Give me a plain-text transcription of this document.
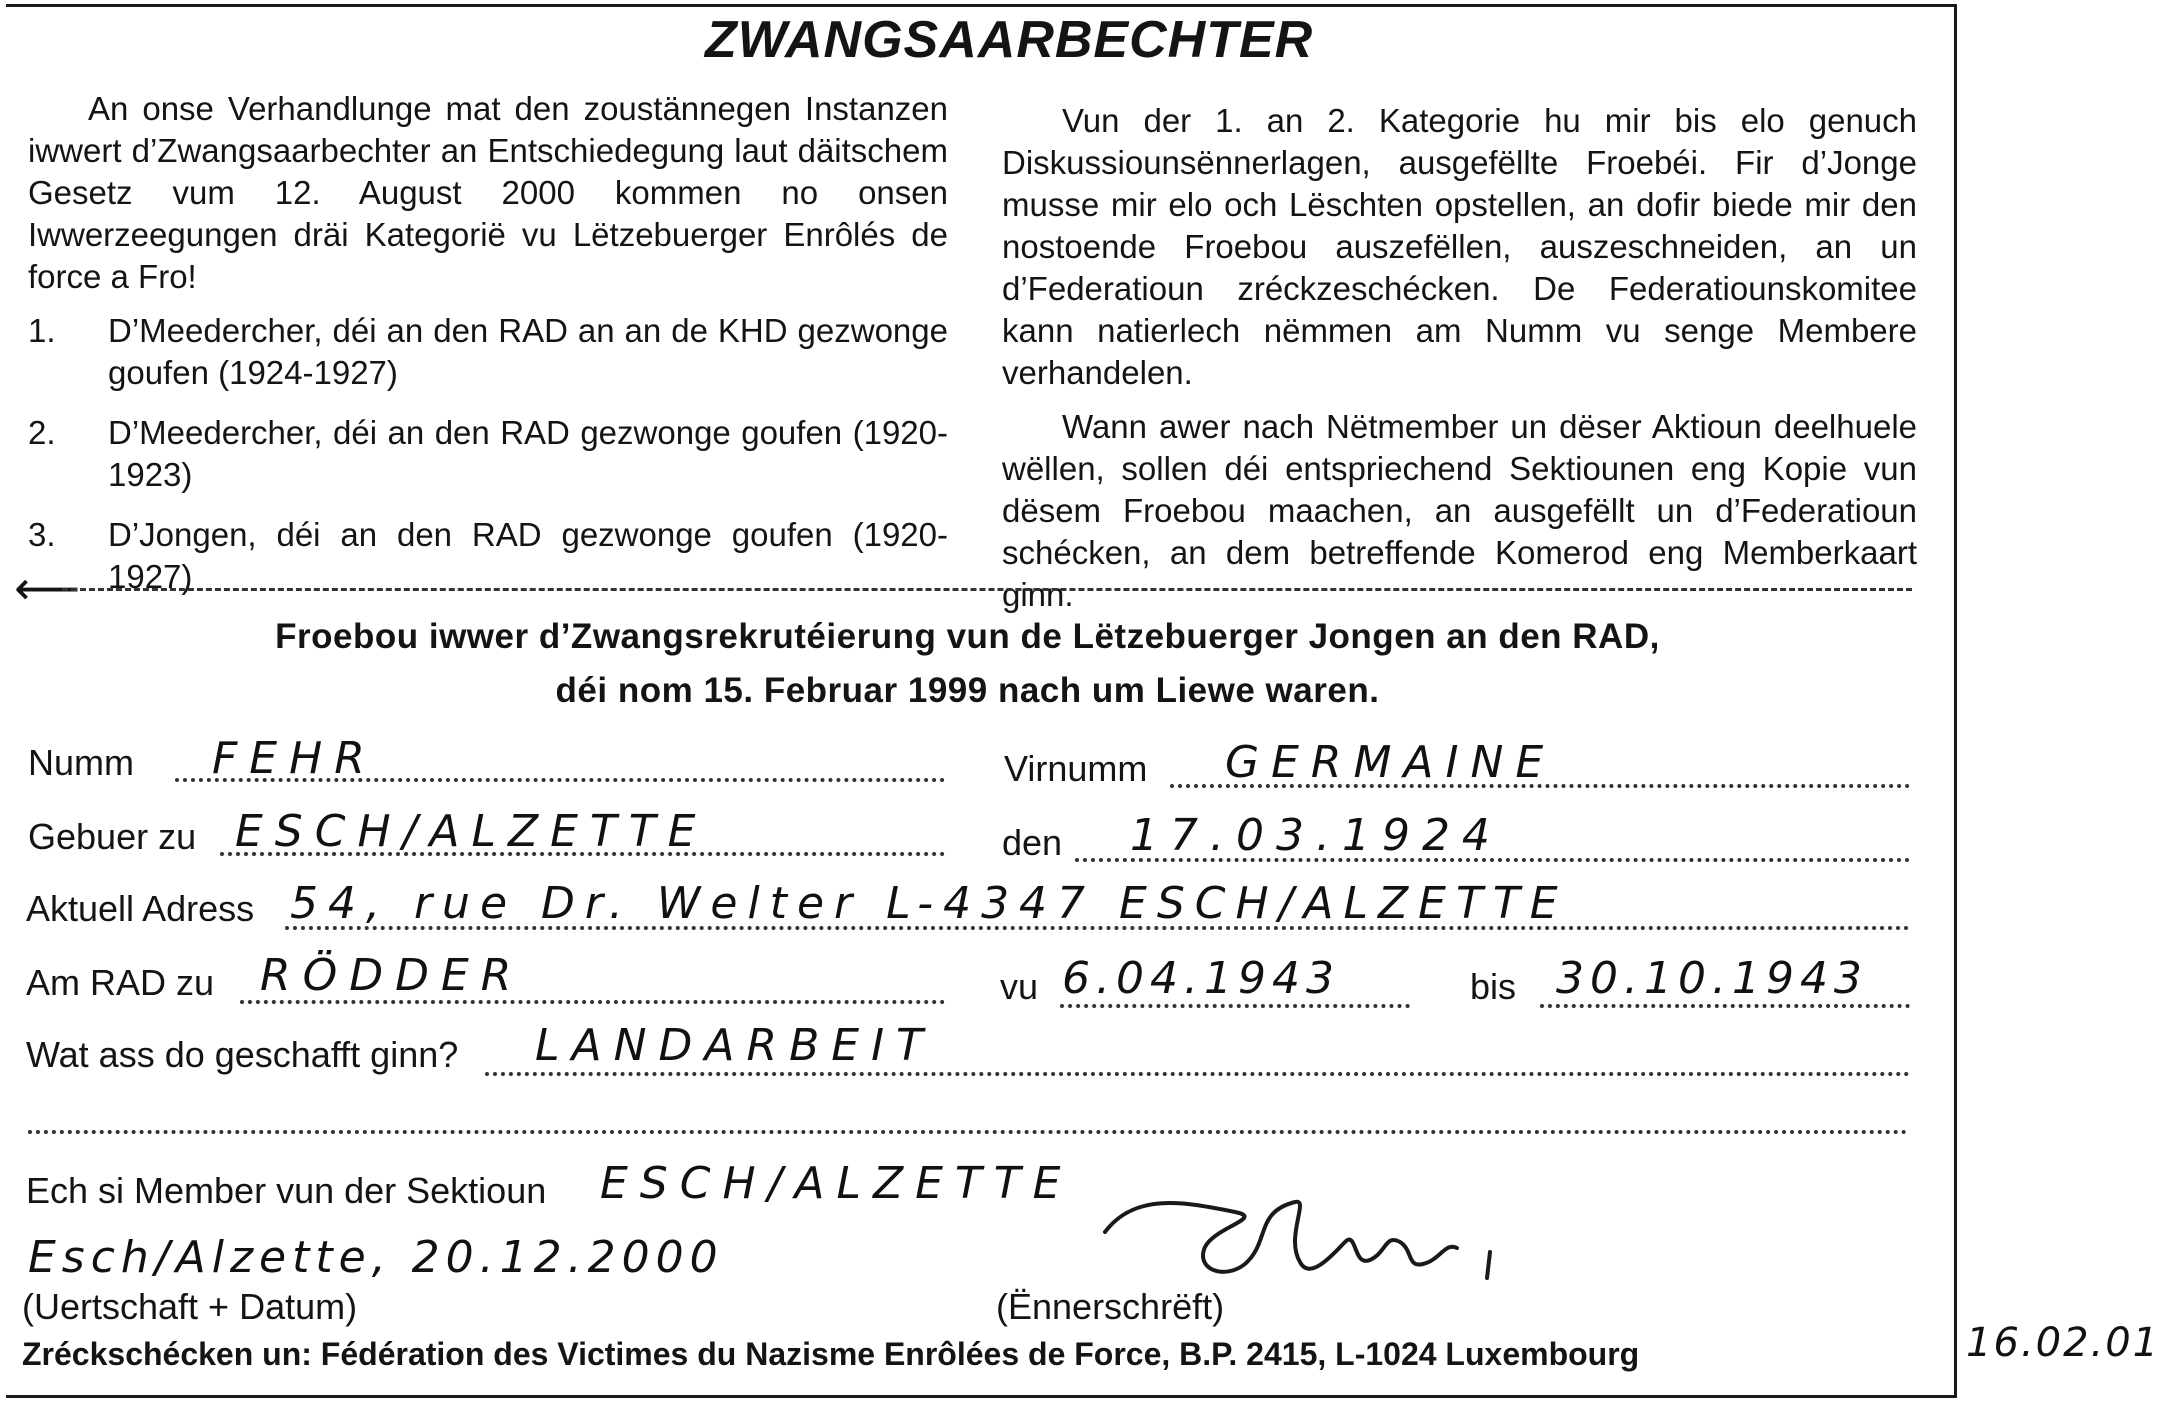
ZWANGSAARBECHTER

An onse Verhandlunge mat den zoustännegen Instanzen iwwert d’Zwangsaarbechter an Entschiedegung laut däitschem Gesetz vum 12. August 2000 kommen no onsen Iwwerzeegungen dräi Kategorië vu Lëtzebuerger Enrôlés de force a Fro!

1.	D’Meedercher, déi an den RAD an an de KHD gezwonge goufen (1924-1927)
2.	D’Meedercher, déi an den RAD gezwonge goufen (1920-1923)
3.	D’Jongen, déi an den RAD gezwonge goufen (1920-1927)

Vun der 1. an 2. Kategorie hu mir bis elo genuch Diskussiounsënnerlagen, ausgefëllte Froebéi. Fir d’Jonge musse mir elo och Lëschten opstellen, an dofir biede mir den nostoende Froebou auszefëllen, auszeschneiden, an un d’Federatioun zréckzeschécken. De Federatiounskomitee kann natierlech nëmmen am Numm vu senge Membere verhandelen.

Wann awer nach Nëtmember un dëser Aktioun deelhuele wëllen, sollen déi entspriechend Sektiounen eng Kopie vun dësem Froebou maachen, an ausgefëllt un d’Federatioun schécken, an dem betreffende Komerod eng Memberkaart ginn.

⟵
Froebou iwwer d’Zwangsrekrutéierung vun de Lëtzebuerger Jongen an den RAD,
déi nom 15. Februar 1999 nach um Liewe waren.
Numm FEHR	Virnumm GERMAINE
Gebuer zu ESCH/ALZETTE	den 17.03.1924
Aktuell Adress 54, rue Dr. Welter L-4347 ESCH/ALZETTE
Am RAD zu RÖDDER	vu 6.04.1943	bis 30.10.1943
Wat ass do geschafft ginn? LANDARBEIT
Ech si Member vun der Sektioun ESCH/ALZETTE
Esch/Alzette, 20.12.2000
(Uertschaft + Datum)	(Ënnerschrëft)
Zréckschécken un: Fédération des Victimes du Nazisme Enrôlées de Force, B.P. 2415, L-1024 Luxembourg	16.02.01
